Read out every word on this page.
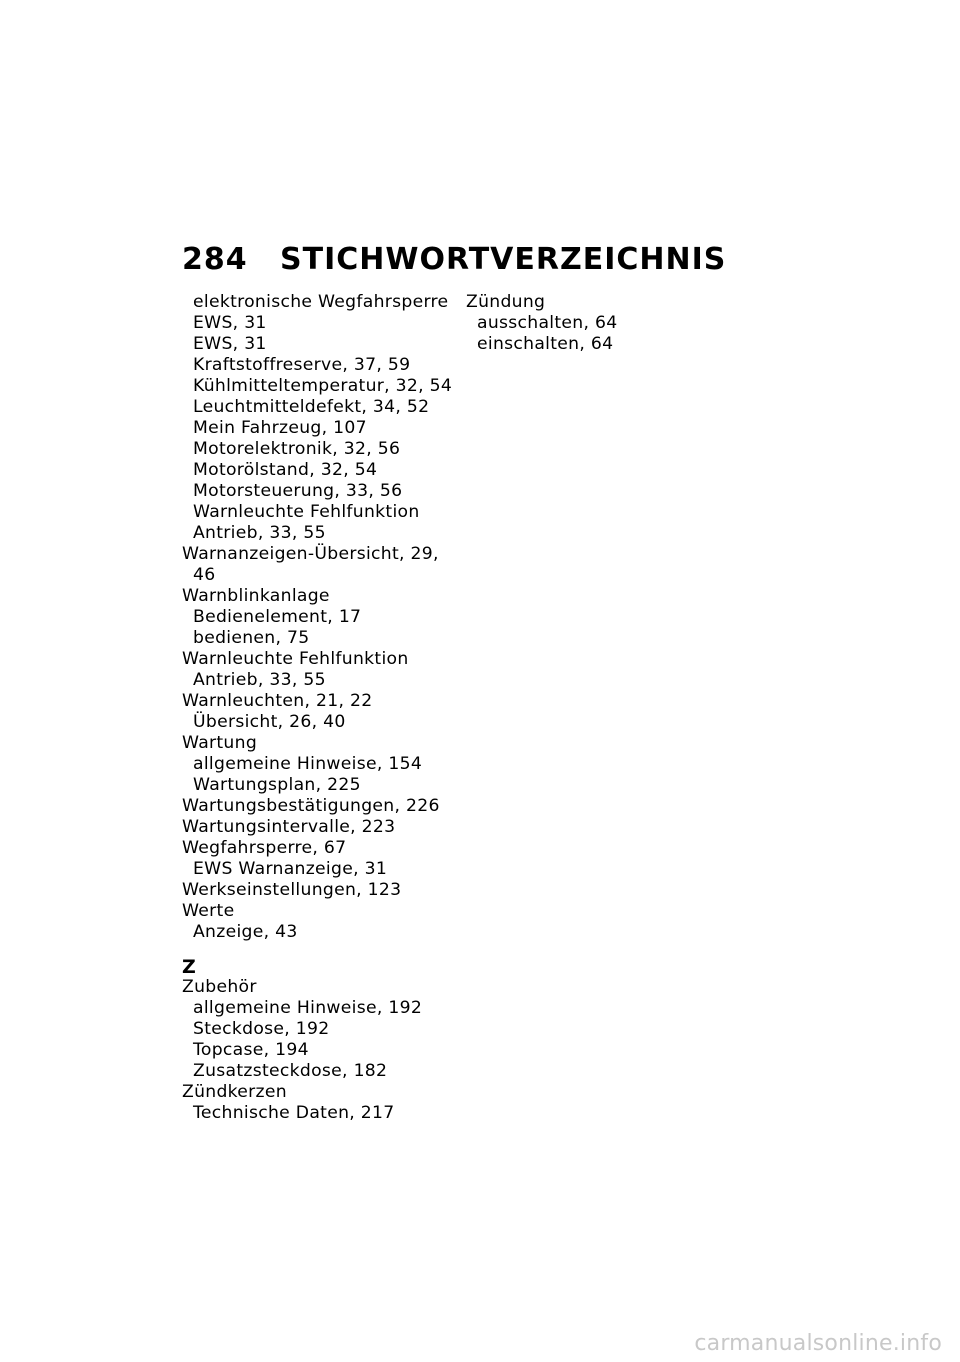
284 STICHWORTVERZEICHNIS
elektronische Wegfahrsperre
EWS, 31
EWS, 31
Kraftstoffreserve, 37, 59
Kühlmitteltemperatur, 32, 54
Leuchtmitteldefekt, 34, 52
Mein Fahrzeug, 107
Motorelektronik, 32, 56
Motorölstand, 32, 54
Motorsteuerung, 33, 56
Warnleuchte Fehlfunktion
Antrieb, 33, 55
Warnanzeigen-Übersicht, 29, 46
Warnblinkanlage
Bedienelement, 17
bedienen, 75
Warnleuchte Fehlfunktion
Antrieb, 33, 55
Warnleuchten, 21, 22
Übersicht, 26, 40
Wartung
allgemeine Hinweise, 154
Wartungsplan, 225
Wartungsbestätigungen, 226
Wartungsintervalle, 223
Wegfahrsperre, 67
EWS Warnanzeige, 31
Werkseinstellungen, 123
Werte
Anzeige, 43
Z
Zubehör
allgemeine Hinweise, 192
Steckdose, 192
Topcase, 194
Zusatzsteckdose, 182
Zündkerzen
Technische Daten, 217
Zündung
ausschalten, 64
einschalten, 64
carmanualsonline.info
